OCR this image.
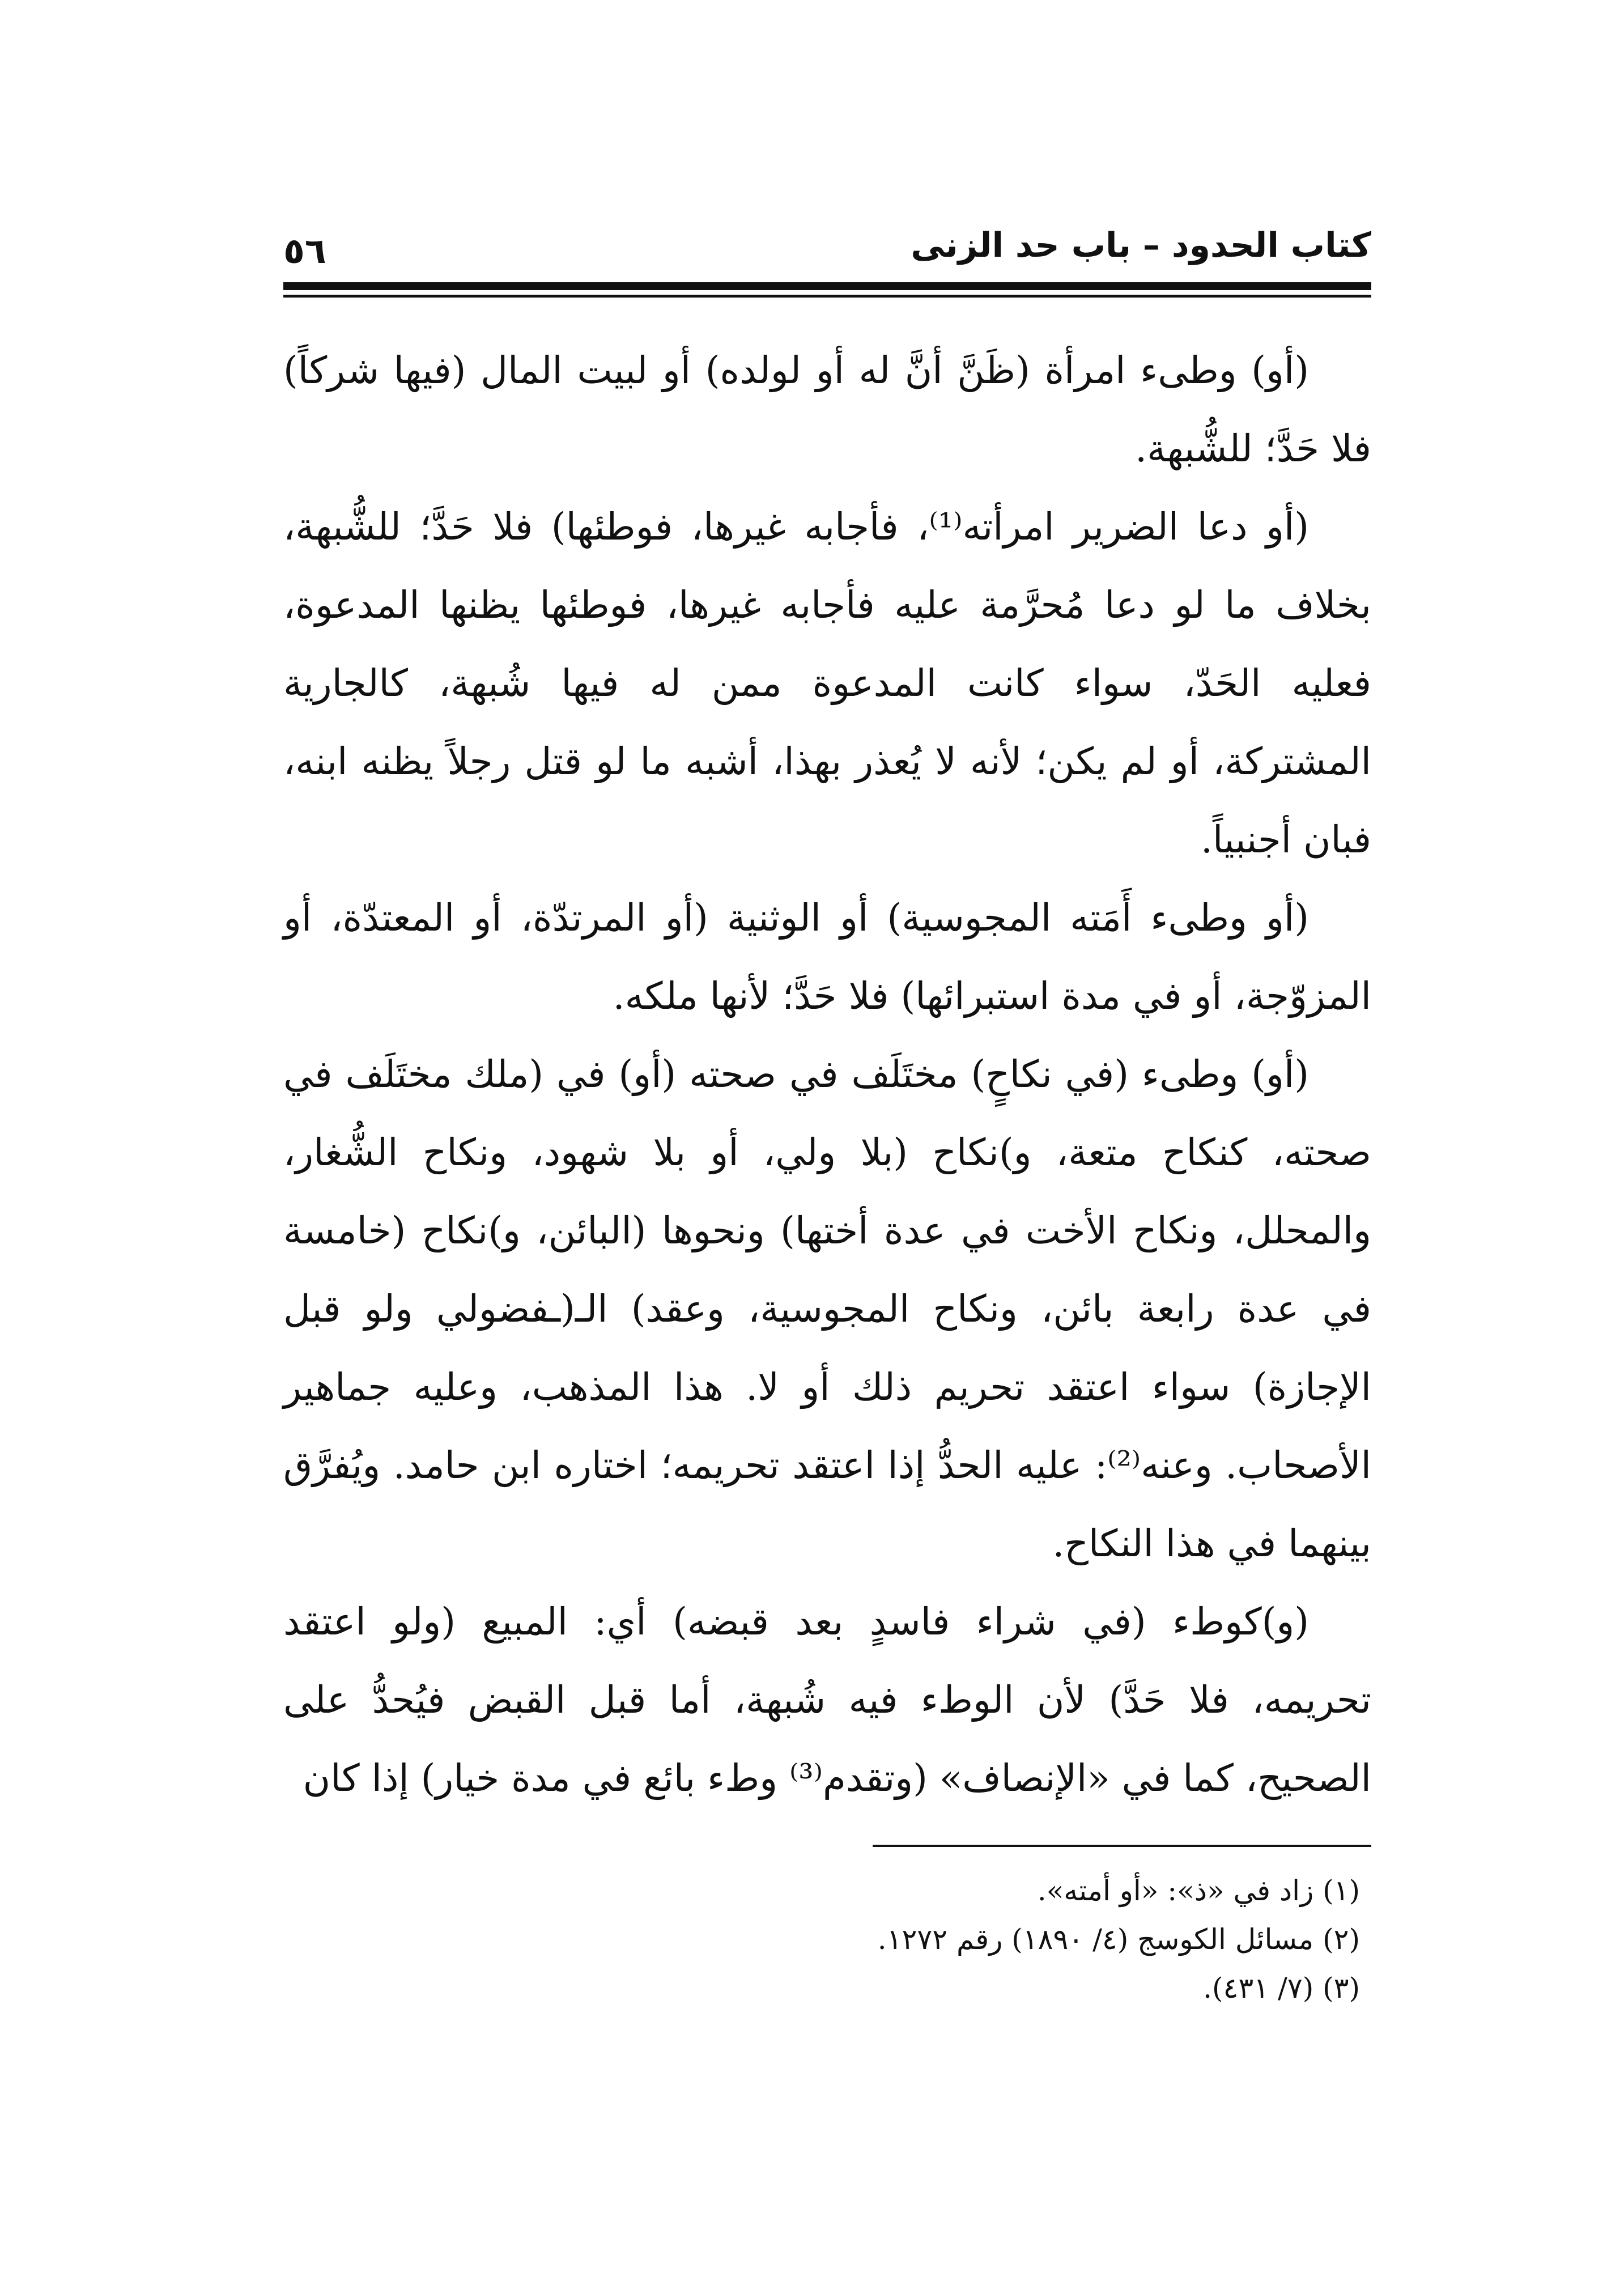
كتاب الحدود – باب حد الزنى
٥٦

(أو) وطىء امرأة (ظَنَّ أنَّ له أو لولده) أو لبيت المال (فيها شركاً) فلا حَدَّ؛ للشُّبهة.

(أو دعا الضرير امرأته⁽¹⁾، فأجابه غيرها، فوطئها) فلا حَدَّ؛ للشُّبهة، بخلاف ما لو دعا مُحرَّمة عليه فأجابه غيرها، فوطئها يظنها المدعوة، فعليه الحَدّ، سواء كانت المدعوة ممن له فيها شُبهة، كالجارية المشتركة، أو لم يكن؛ لأنه لا يُعذر بهذا، أشبه ما لو قتل رجلاً يظنه ابنه، فبان أجنبياً.

(أو وطىء أَمَته المجوسية) أو الوثنية (أو المرتدّة، أو المعتدّة، أو المزوّجة، أو في مدة استبرائها) فلا حَدَّ؛ لأنها ملكه.

(أو) وطىء (في نكاحٍ) مختَلَف في صحته (أو) في (ملك مختَلَف في صحته، كنكاح متعة، و)نكاح (بلا ولي، أو بلا شهود، ونكاح الشُّغار، والمحلل، ونكاح الأخت في عدة أختها) ونحوها (البائن، و)نكاح (خامسة في عدة رابعة بائن، ونكاح المجوسية، وعقد) الـ(ـفضولي ولو قبل الإجازة) سواء اعتقد تحريم ذلك أو لا. هذا المذهب، وعليه جماهير الأصحاب. وعنه⁽²⁾: عليه الحدُّ إذا اعتقد تحريمه؛ اختاره ابن حامد. ويُفرَّق بينهما في هذا النكاح.

(و)كوطء (في شراء فاسدٍ بعد قبضه) أي: المبيع (ولو اعتقد تحريمه، فلا حَدَّ) لأن الوطء فيه شُبهة، أما قبل القبض فيُحدُّ على الصحيح، كما في «الإنصاف» (وتقدم⁽³⁾ وطء بائع في مدة خيار) إذا كان

(١) زاد في «ذ»: «أو أمته».

(٢) مسائل الكوسج (٤/ ١٨٩٠) رقم ١٢٧٢.

(٣) (٧/ ٤٣١).
